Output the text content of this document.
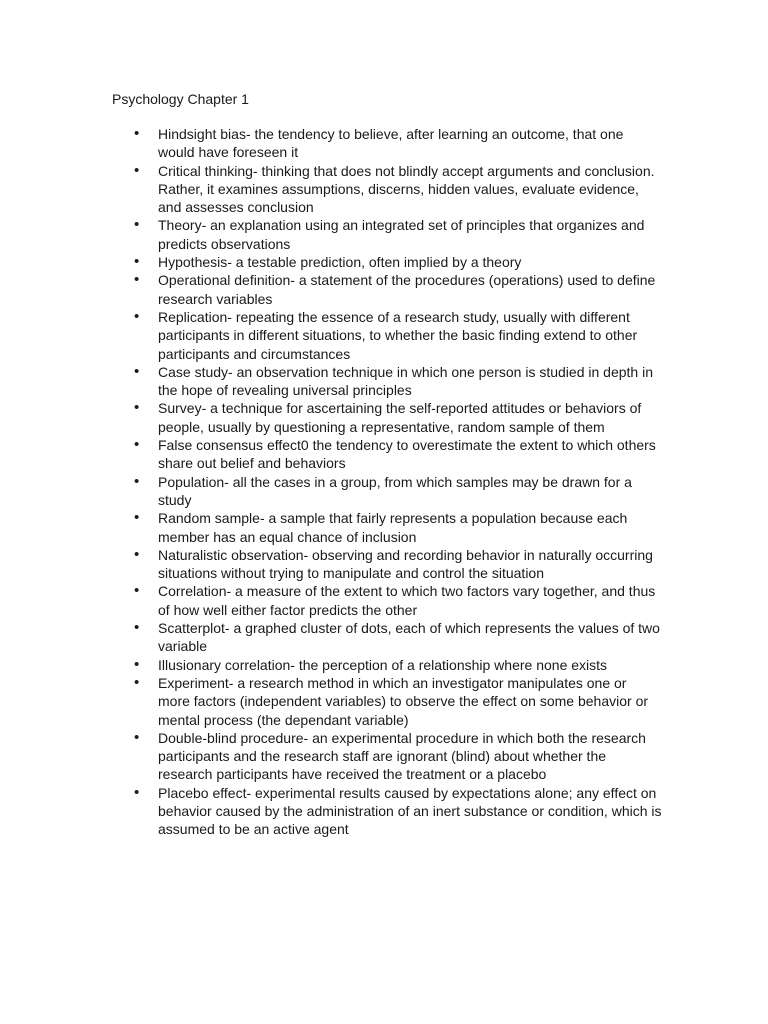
Psychology Chapter 1
• Hindsight bias- the tendency to believe, after learning an outcome, that one would have foreseen it
• Critical thinking- thinking that does not blindly accept arguments and conclusion. Rather, it examines assumptions, discerns, hidden values, evaluate evidence, and assesses conclusion
• Theory- an explanation using an integrated set of principles that organizes and predicts observations
• Hypothesis- a testable prediction, often implied by a theory
• Operational definition- a statement of the procedures (operations) used to define research variables
• Replication- repeating the essence of a research study, usually with different participants in different situations, to whether the basic finding extend to other participants and circumstances
• Case study- an observation technique in which one person is studied in depth in the hope of revealing universal principles
• Survey- a technique for ascertaining the self-reported attitudes or behaviors of people, usually by questioning a representative, random sample of them
• False consensus effect0 the tendency to overestimate the extent to which others share out belief and behaviors
• Population- all the cases in a group, from which samples may be drawn for a study
• Random sample- a sample that fairly represents a population because each member has an equal chance of inclusion
• Naturalistic observation- observing and recording behavior in naturally occurring situations without trying to manipulate and control the situation
• Correlation- a measure of the extent to which two factors vary together, and thus of how well either factor predicts the other
• Scatterplot- a graphed cluster of dots, each of which represents the values of two variable
• Illusionary correlation- the perception of a relationship where none exists
• Experiment- a research method in which an investigator manipulates one or more factors (independent variables) to observe the effect on some behavior or mental process (the dependant variable)
• Double-blind procedure- an experimental procedure in which both the research participants and the research staff are ignorant (blind) about whether the research participants have received the treatment or a placebo
• Placebo effect- experimental results caused by expectations alone; any effect on behavior caused by the administration of an inert substance or condition, which is assumed to be an active agent
